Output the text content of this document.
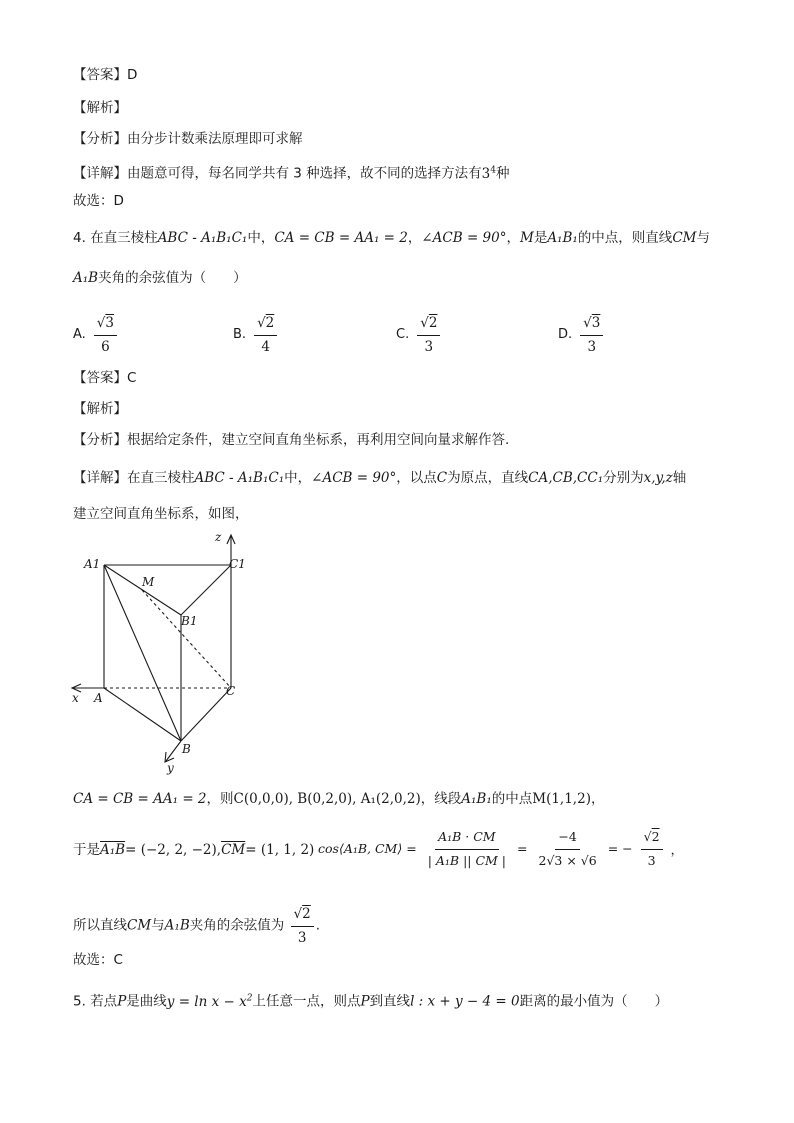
【答案】D
【解析】
【分析】由分步计数乘法原理即可求解
【详解】由题意可得，每名同学共有 3 种选择，故不同的选择方法有$3^4$种
故选：D
4. 在直三棱柱ABC - A₁B₁C₁中，CA = CB = AA₁ = 2，∠ACB = 90°，M是A₁B₁的中点，则直线CM与
A₁B夹角的余弦值为（　　）
A. $\frac{√3}{6}$	B. $\frac{√2}{4}$	C. $\frac{√2}{3}$	D. $\frac{√3}{3}$
【答案】C
【解析】
【分析】根据给定条件，建立空间直角坐标系，再利用空间向量求解作答.
【详解】在直三棱柱ABC - A₁B₁C₁中，∠ACB = 90°，以点C为原点，直线CA,CB,CC₁分别为x,y,z轴
建立空间直角坐标系，如图，
z
A1
M
C1
B1
x A	C
B
y
CA = CB = AA₁ = 2，则C(0,0,0), B(0,2,0), A₁(2,0,2)，线段A₁B₁的中点M(1,1,2)，
于是A₁B= (−2, 2, $-2),\overline{CM}= (1$, 1, 2) cos⟨A₁B, CM⟩ = $\frac{\text{A₁B · CM}}{\text{| A₁B || CM |}} = \frac{-4}{2√3 \times √6}$ = − $\frac{√2}{3}$ ，
所以直线CM与A₁B夹角的余弦值为 $\frac{√2}{3}$ .
故选：C
5. 若点P是曲线$y = \ln x - x^2$上任意一点，则点P到直线l : x + y − 4 = 0距离的最小值为（　　）
